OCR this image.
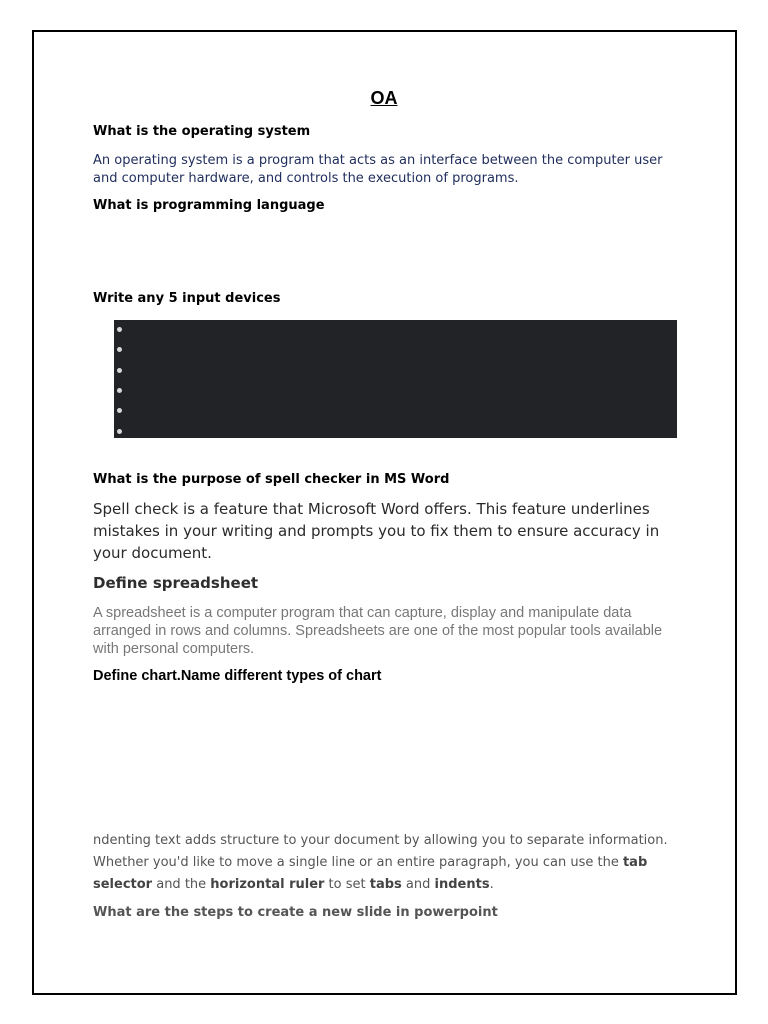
OA

What is the operating system

An operating system is a program that acts as an interface between the computer user and computer hardware, and controls the execution of programs.

What is programming language

Write any 5 input devices

What is the purpose of spell checker in MS Word

Spell check is a feature that Microsoft Word offers. This feature underlines mistakes in your writing and prompts you to fix them to ensure accuracy in your document.

Define spreadsheet

A spreadsheet is a computer program that can capture, display and manipulate data arranged in rows and columns. Spreadsheets are one of the most popular tools available with personal computers.

Define chart.Name different types of chart

ndenting text adds structure to your document by allowing you to separate information. Whether you'd like to move a single line or an entire paragraph, you can use the tab selector and the horizontal ruler to set tabs and indents.

What are the steps to create a new slide in powerpoint
